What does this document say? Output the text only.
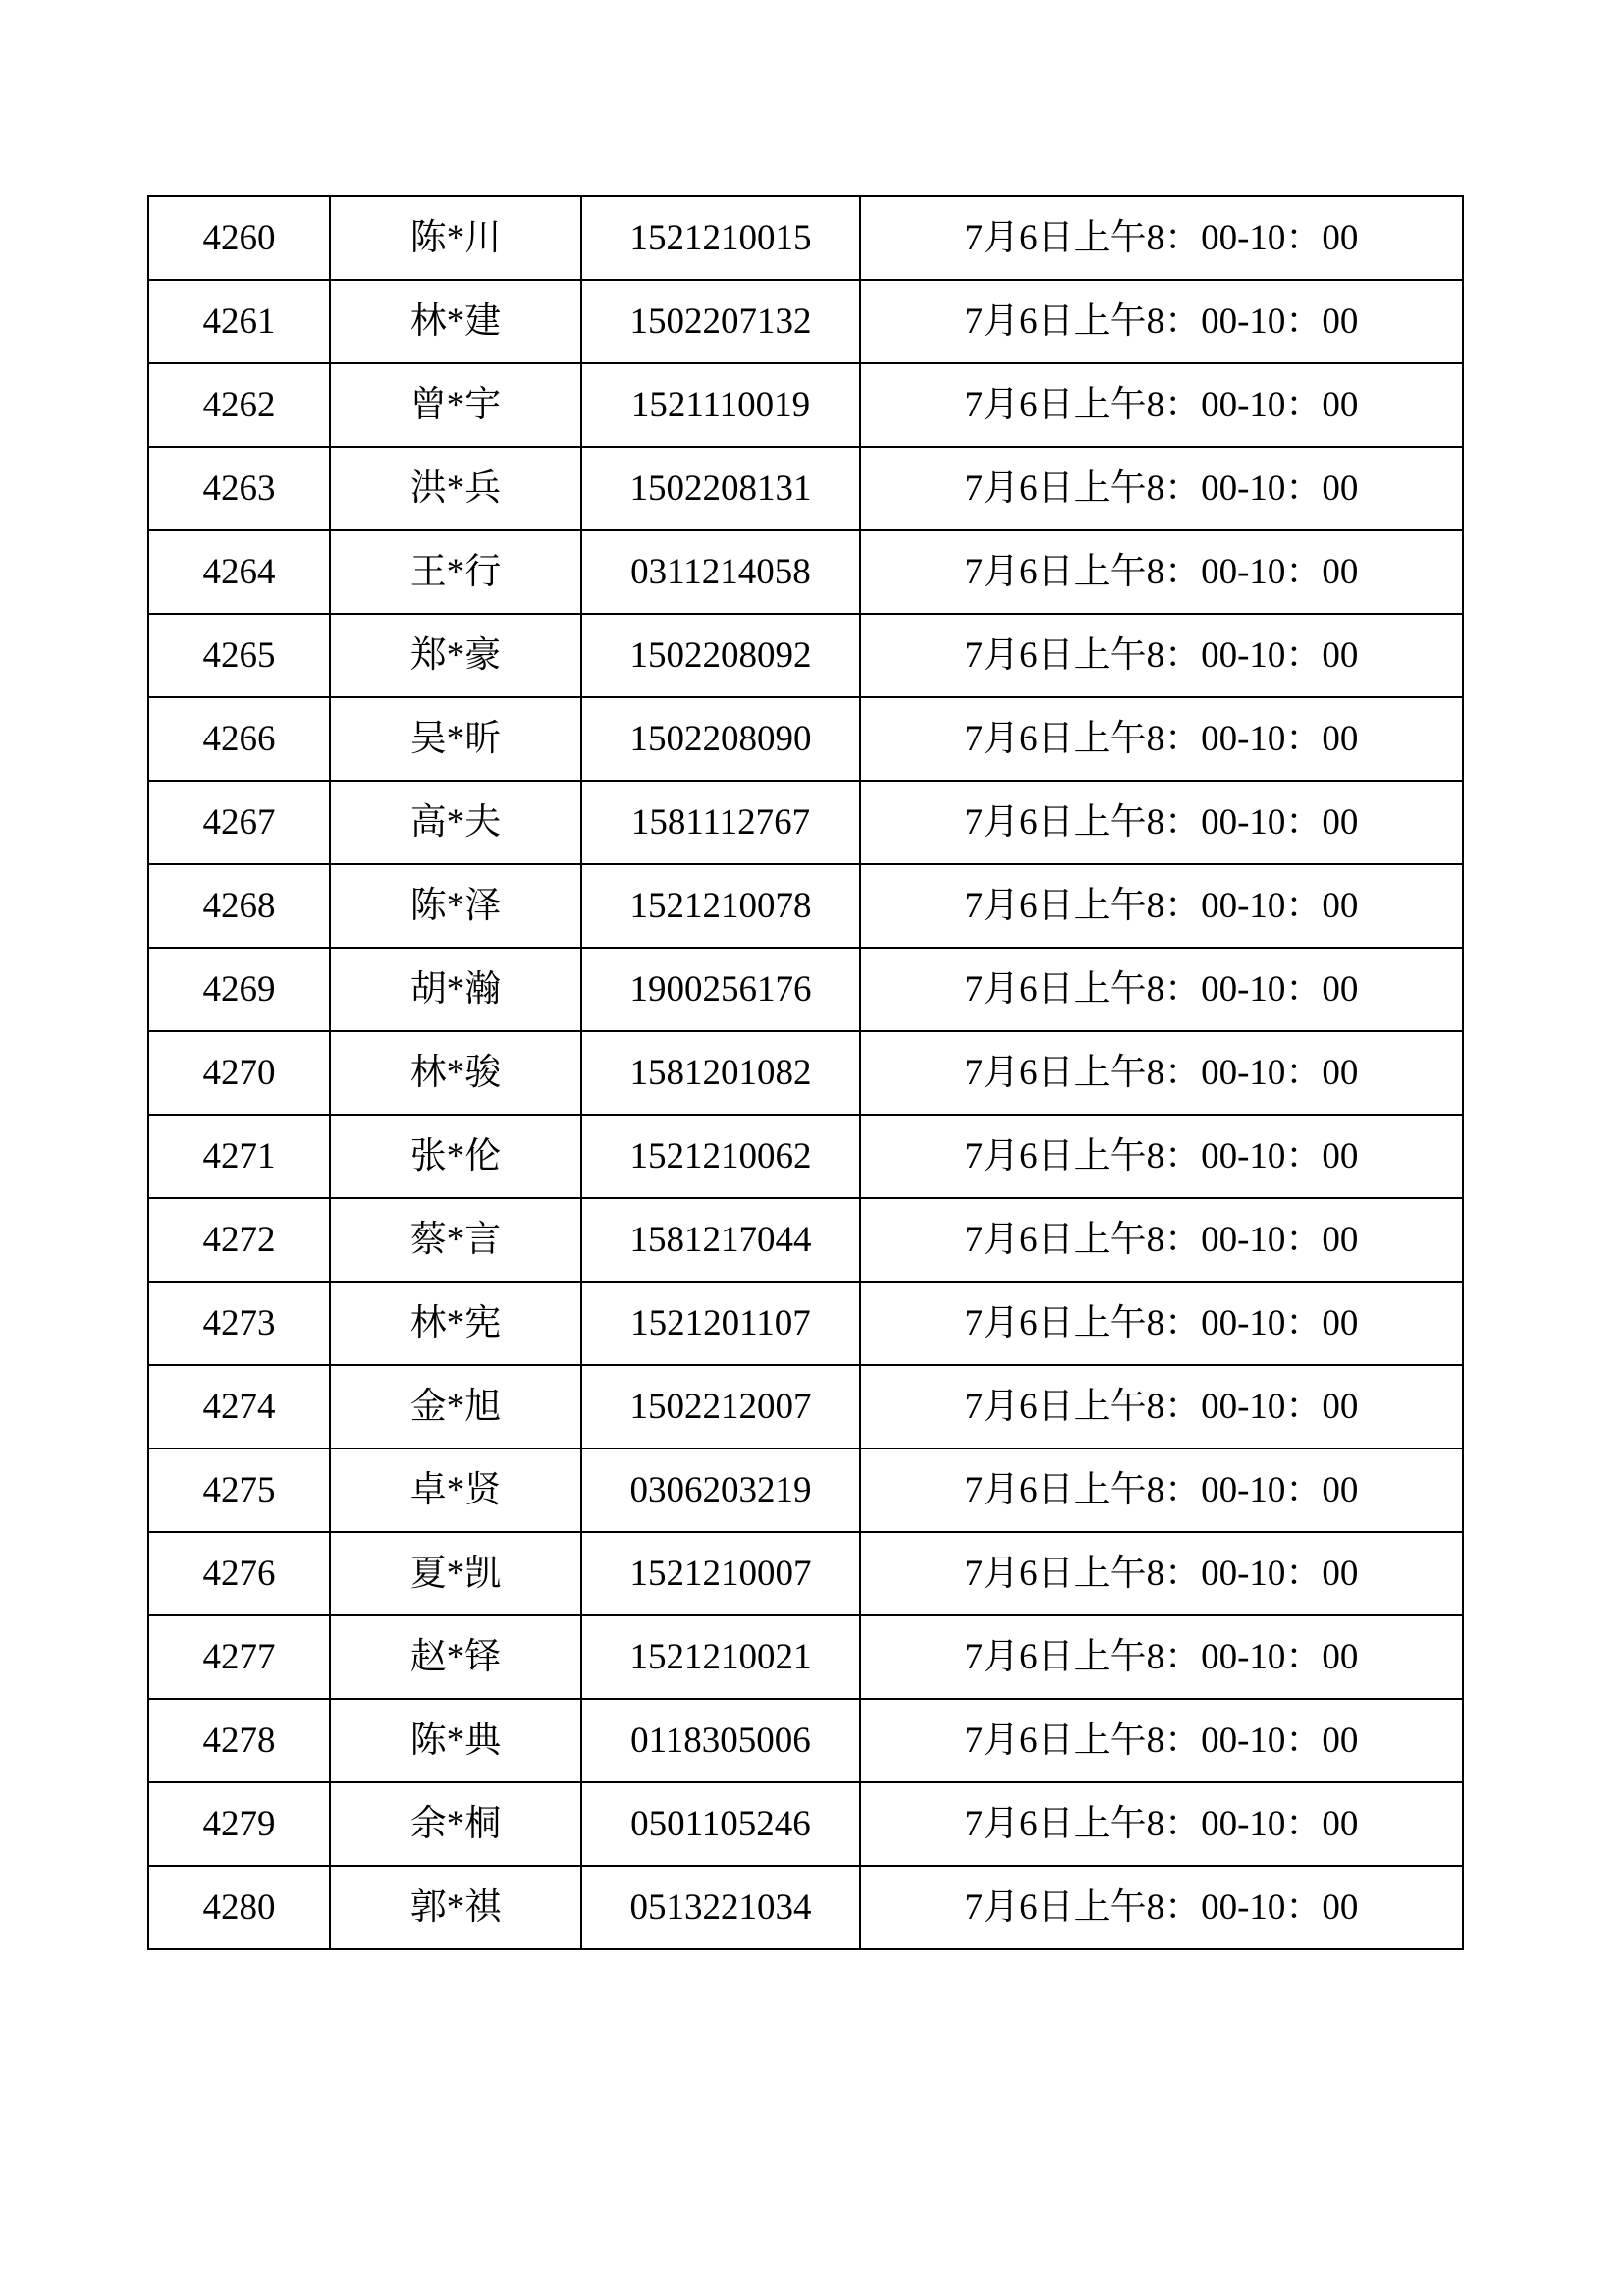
4260	陈*川	1521210015	7月6日上午8：00-10：00
4261	林*建	1502207132	7月6日上午8：00-10：00
4262	曾*宇	1521110019	7月6日上午8：00-10：00
4263	洪*兵	1502208131	7月6日上午8：00-10：00
4264	王*行	0311214058	7月6日上午8：00-10：00
4265	郑*豪	1502208092	7月6日上午8：00-10：00
4266	吴*昕	1502208090	7月6日上午8：00-10：00
4267	高*夫	1581112767	7月6日上午8：00-10：00
4268	陈*泽	1521210078	7月6日上午8：00-10：00
4269	胡*瀚	1900256176	7月6日上午8：00-10：00
4270	林*骏	1581201082	7月6日上午8：00-10：00
4271	张*伦	1521210062	7月6日上午8：00-10：00
4272	蔡*言	1581217044	7月6日上午8：00-10：00
4273	林*宪	1521201107	7月6日上午8：00-10：00
4274	金*旭	1502212007	7月6日上午8：00-10：00
4275	卓*贤	0306203219	7月6日上午8：00-10：00
4276	夏*凯	1521210007	7月6日上午8：00-10：00
4277	赵*铎	1521210021	7月6日上午8：00-10：00
4278	陈*典	0118305006	7月6日上午8：00-10：00
4279	余*桐	0501105246	7月6日上午8：00-10：00
4280	郭*祺	0513221034	7月6日上午8：00-10：00
